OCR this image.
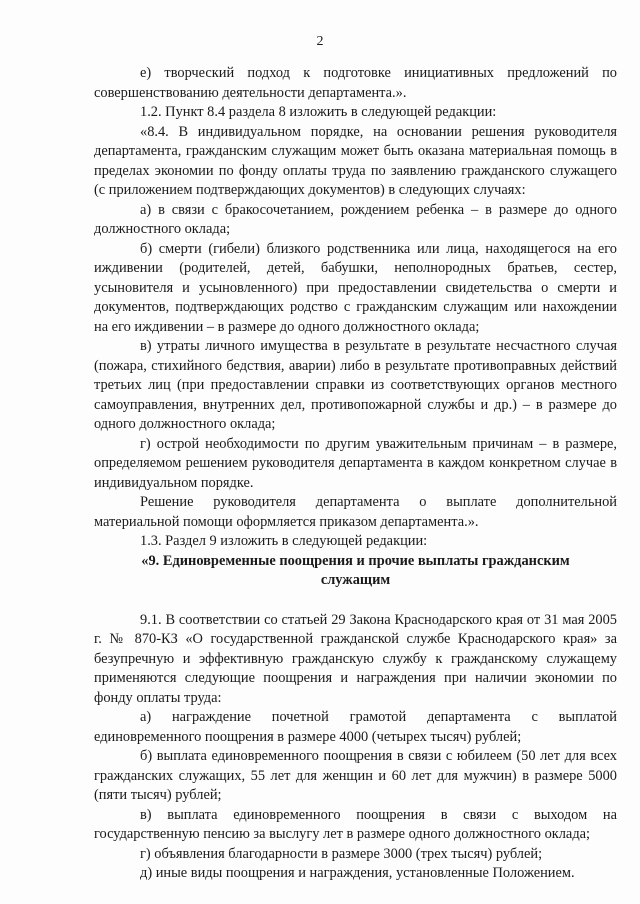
2

е) творческий подход к подготовке инициативных предложений по совершенствованию деятельности департамента.».

1.2. Пункт 8.4 раздела 8 изложить в следующей редакции:

«8.4. В индивидуальном порядке, на основании решения руководителя департамента, гражданским служащим может быть оказана материальная помощь в пределах экономии по фонду оплаты труда по заявлению гражданского служащего (с приложением подтверждающих документов) в следующих случаях:

а) в связи с бракосочетанием, рождением ребенка – в размере до одного должностного оклада;

б) смерти (гибели) близкого родственника или лица, находящегося на его иждивении (родителей, детей, бабушки, неполнородных братьев, сестер, усыновителя и усыновленного) при предоставлении свидетельства о смерти и документов, подтверждающих родство с гражданским служащим или нахождении на его иждивении – в размере до одного должностного оклада;

в) утраты личного имущества в результате в результате несчастного случая (пожара, стихийного бедствия, аварии) либо в результате противоправных действий третьих лиц (при предоставлении справки из соответствующих органов местного самоуправления, внутренних дел, противопожарной службы и др.) – в размере до одного должностного оклада;

г) острой необходимости по другим уважительным причинам – в размере, определяемом решением руководителя департамента в каждом конкретном случае в индивидуальном порядке.

Решение руководителя департамента о выплате дополнительной материальной помощи оформляется приказом департамента.».

1.3. Раздел 9 изложить в следующей редакции:

«9. Единовременные поощрения и прочие выплаты гражданским
служащим

9.1. В соответствии со статьей 29 Закона Краснодарского края от 31 мая 2005 г. № 870-КЗ «О государственной гражданской службе Краснодарского края» за безупречную и эффективную гражданскую службу к гражданскому служащему применяются следующие поощрения и награждения при наличии экономии по фонду оплаты труда:

а) награждение почетной грамотой департамента с выплатой единовременного поощрения в размере 4000 (четырех тысяч) рублей;

б) выплата единовременного поощрения в связи с юбилеем (50 лет для всех гражданских служащих, 55 лет для женщин и 60 лет для мужчин) в размере 5000 (пяти тысяч) рублей;

в) выплата единовременного поощрения в связи с выходом на государственную пенсию за выслугу лет в размере одного должностного оклада;

г) объявления благодарности в размере 3000 (трех тысяч) рублей;

д) иные виды поощрения и награждения, установленные Положением.
